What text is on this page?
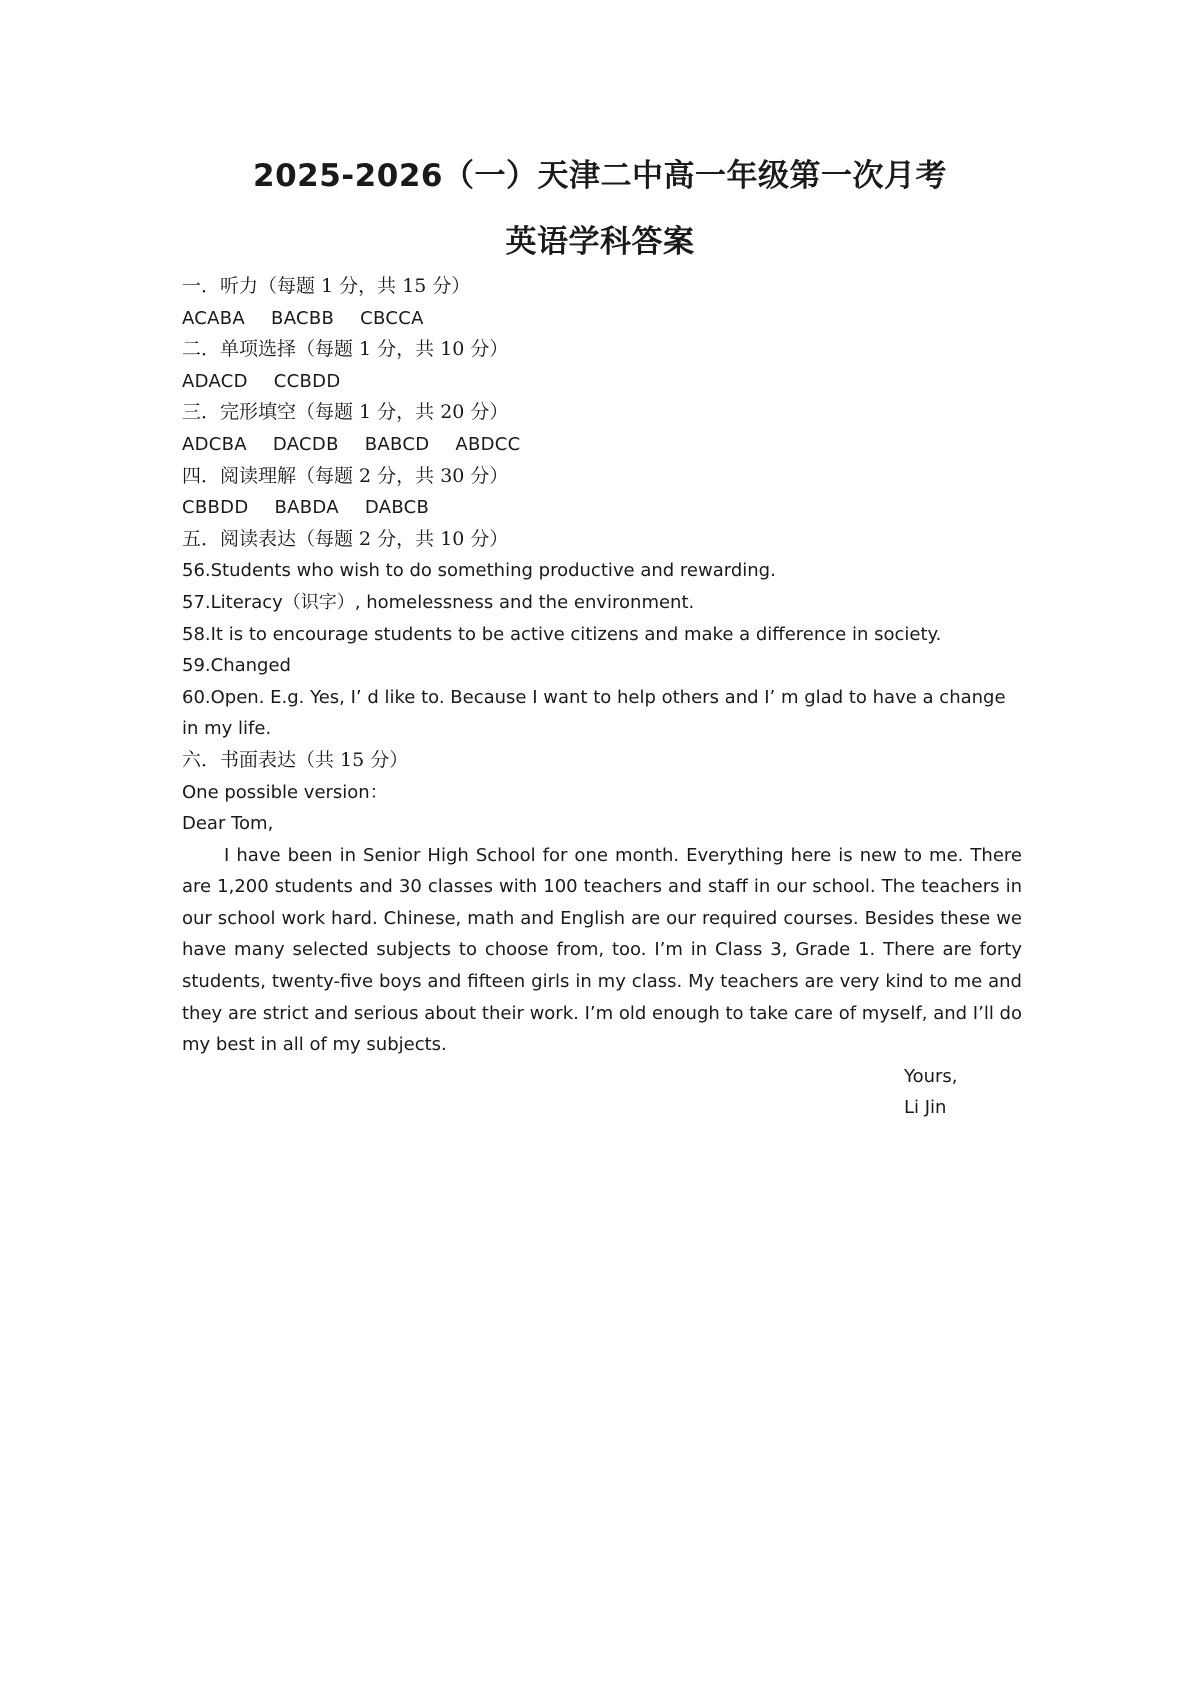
2025-2026（一）天津二中高一年级第一次月考
英语学科答案
一．听力（每题 1 分，共 15 分）
ACABA BACBB CBCCA
二．单项选择（每题 1 分，共 10 分）
ADACD CCBDD
三．完形填空（每题 1 分，共 20 分）
ADCBA DACDB BABCD ABDCC
四．阅读理解（每题 2 分，共 30 分）
CBBDD BABDA DABCB
五．阅读表达（每题 2 分，共 10 分）
56.Students who wish to do something productive and rewarding.
57.Literacy（识字）, homelessness and the environment.
58.It is to encourage students to be active citizens and make a difference in society.
59.Changed
60.Open. E.g. Yes, I’ d like to. Because I want to help others and I’ m glad to have a change in my life.
六．书面表达（共 15 分）
One possible version：
Dear Tom,
I have been in Senior High School for one month. Everything here is new to me. There are 1,200 students and 30 classes with 100 teachers and staff in our school. The teachers in our school work hard. Chinese, math and English are our required courses. Besides these we have many selected subjects to choose from, too. I’m in Class 3, Grade 1. There are forty students, twenty-five boys and fifteen girls in my class. My teachers are very kind to me and they are strict and serious about their work. I’m old enough to take care of myself, and I’ll do my best in all of my subjects.
Yours,
Li Jin
